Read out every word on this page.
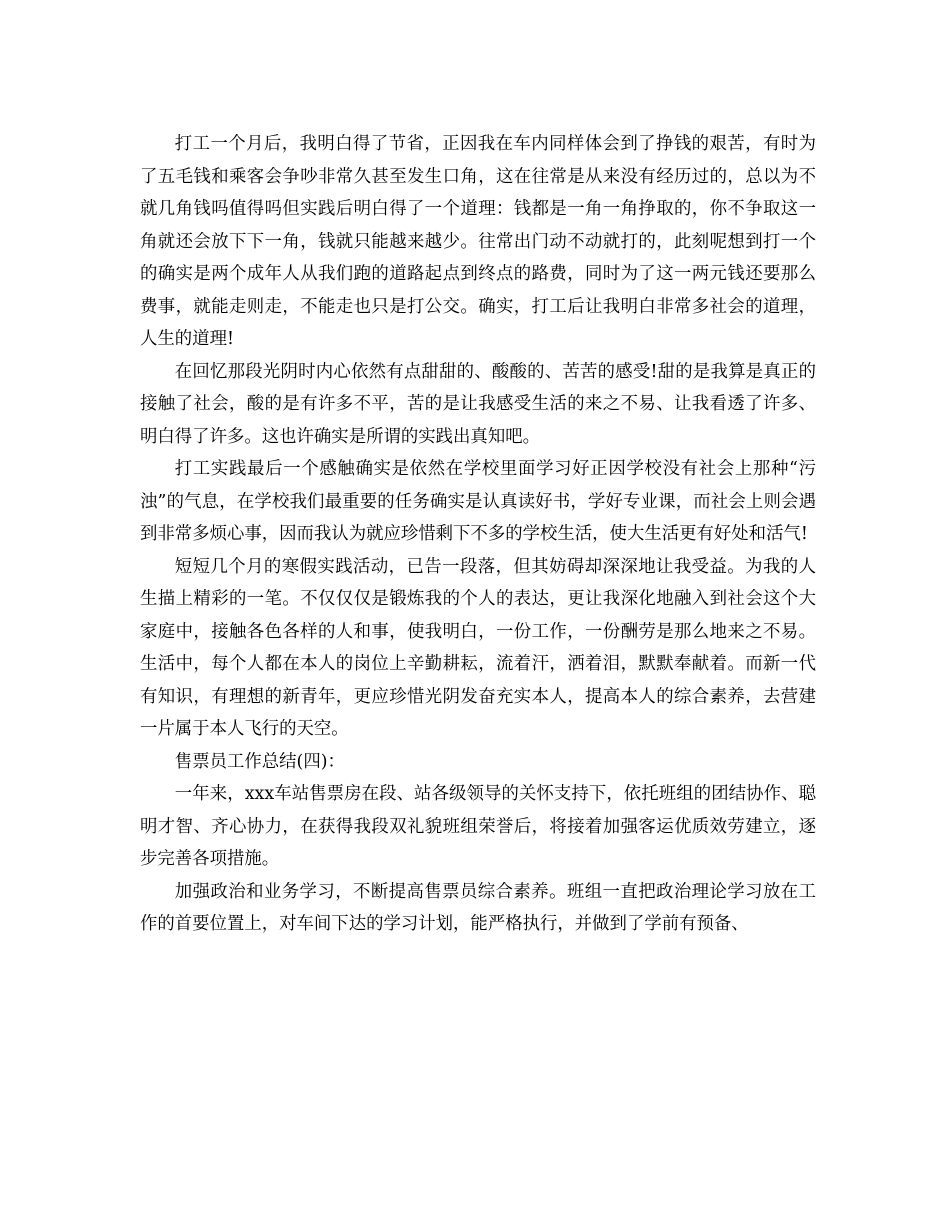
打工一个月后，我明白得了节省，正因我在车内同样体会到了挣钱的艰苦，有时为了五毛钱和乘客会争吵非常久甚至发生口角，这在往常是从来没有经历过的，总以为不就几角钱吗值得吗但实践后明白得了一个道理：钱都是一角一角挣取的，你不争取这一角就还会放下下一角，钱就只能越来越少。往常出门动不动就打的，此刻呢想到打一个的确实是两个成年人从我们跑的道路起点到终点的路费，同时为了这一两元钱还要那么费事，就能走则走，不能走也只是打公交。确实，打工后让我明白非常多社会的道理，人生的道理!

在回忆那段光阴时内心依然有点甜甜的、酸酸的、苦苦的感受!甜的是我算是真正的接触了社会，酸的是有许多不平，苦的是让我感受生活的来之不易、让我看透了许多、明白得了许多。这也许确实是所谓的实践出真知吧。

打工实践最后一个感触确实是依然在学校里面学习好正因学校没有社会上那种“污浊”的气息，在学校我们最重要的任务确实是认真读好书，学好专业课，而社会上则会遇到非常多烦心事，因而我认为就应珍惜剩下不多的学校生活，使大生活更有好处和活气!

短短几个月的寒假实践活动，已告一段落，但其妨碍却深深地让我受益。为我的人生描上精彩的一笔。不仅仅仅是锻炼我的个人的表达，更让我深化地融入到社会这个大家庭中，接触各色各样的人和事，使我明白，一份工作，一份酬劳是那么地来之不易。生活中，每个人都在本人的岗位上辛勤耕耘，流着汗，洒着泪，默默奉献着。而新一代有知识，有理想的新青年，更应珍惜光阴发奋充实本人，提高本人的综合素养，去营建一片属于本人飞行的天空。

售票员工作总结(四)：

一年来，xxx车站售票房在段、站各级领导的关怀支持下，依托班组的团结协作、聪明才智、齐心协力，在获得我段双礼貌班组荣誉后，将接着加强客运优质效劳建立，逐步完善各项措施。

加强政治和业务学习，不断提高售票员综合素养。班组一直把政治理论学习放在工作的首要位置上，对车间下达的学习计划，能严格执行，并做到了学前有预备、
